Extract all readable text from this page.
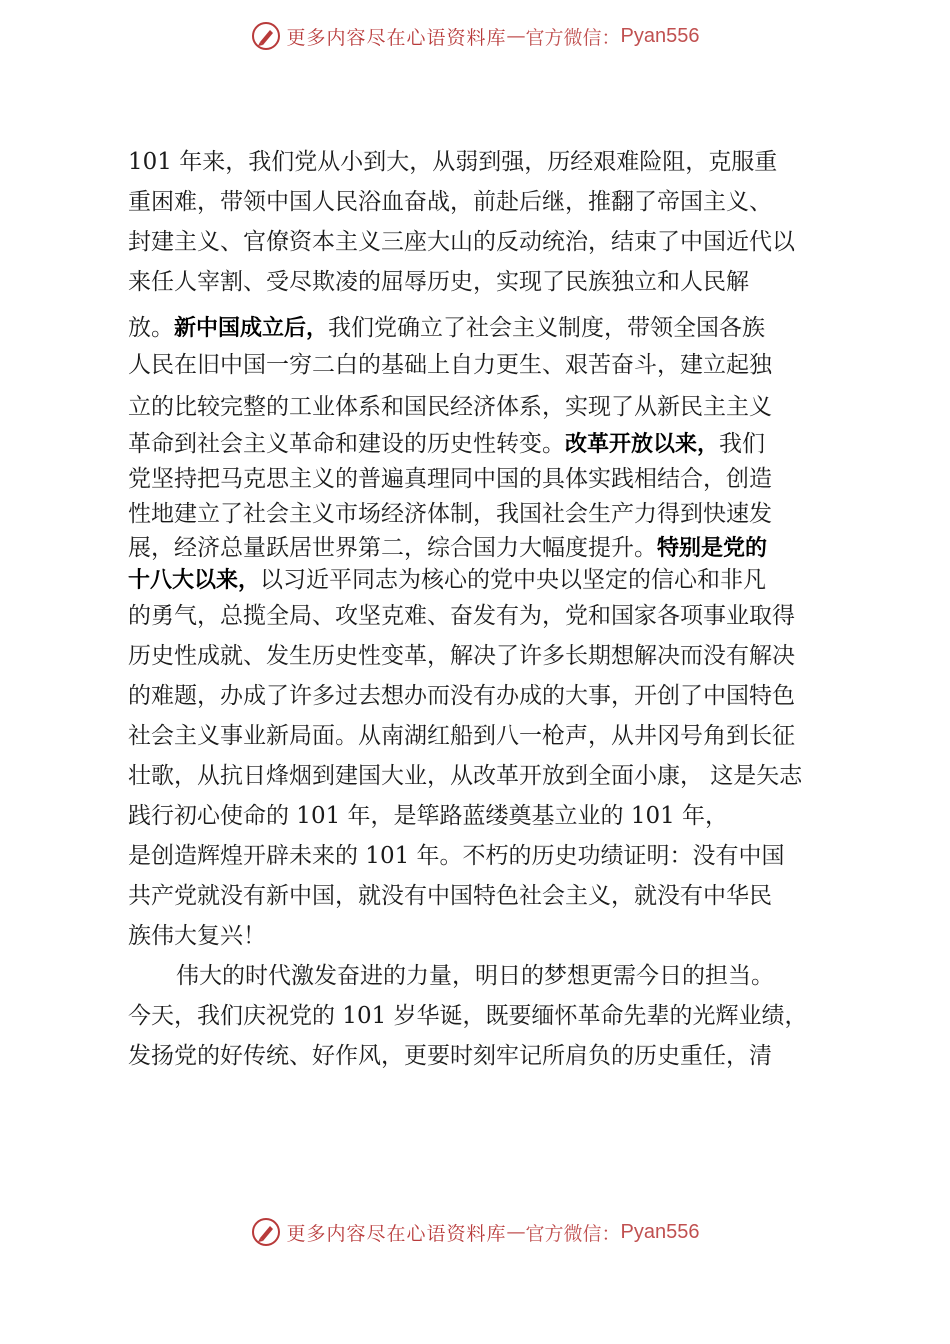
更多内容尽在心语资料库 — 官方微信： Pyan556
101 年来，我们党从小到大，从弱到强，历经艰难险阻，克服重
重困难，带领中国人民浴血奋战，前赴后继，推翻了帝国主义、
封建主义、官僚资本主义三座大山的反动统治，结束了中国近代以
来任人宰割、受尽欺凌的屈辱历史，实现了民族独立和人民解
放。新中国成立后，我们党确立了社会主义制度，带领全国各族
人民在旧中国一穷二白的基础上自力更生、艰苦奋斗，建立起独
立的比较完整的工业体系和国民经济体系，实现了从新民主主义
革命到社会主义革命和建设的历史性转变。改革开放以来，我们
党坚持把马克思主义的普遍真理同中国的具体实践相结合，创造
性地建立了社会主义市场经济体制，我国社会生产力得到快速发
展，经济总量跃居世界第二，综合国力大幅度提升。特别是党的
十八大以来，以习近平同志为核心的党中央以坚定的信心和非凡
的勇气，总揽全局、攻坚克难、奋发有为，党和国家各项事业取得
历史性成就、发生历史性变革，解决了许多长期想解决而没有解决
的难题，办成了许多过去想办而没有办成的大事，开创了中国特色
社会主义事业新局面。从南湖红船到八一枪声，从井冈号角到长征
壮歌，从抗日烽烟到建国大业，从改革开放到全面小康， 这是矢志
践行初心使命的 101 年，是筚路蓝缕奠基立业的 101 年，
是创造辉煌开辟未来的 101 年。不朽的历史功绩证明：没有中国
共产党就没有新中国，就没有中国特色社会主义，就没有中华民
族伟大复兴！
伟大的时代激发奋进的力量，明日的梦想更需今日的担当。
今天，我们庆祝党的 101 岁华诞，既要缅怀革命先辈的光辉业绩，
发扬党的好传统、好作风，更要时刻牢记所肩负的历史重任，清
更多内容尽在心语资料库 — 官方微信： Pyan556
